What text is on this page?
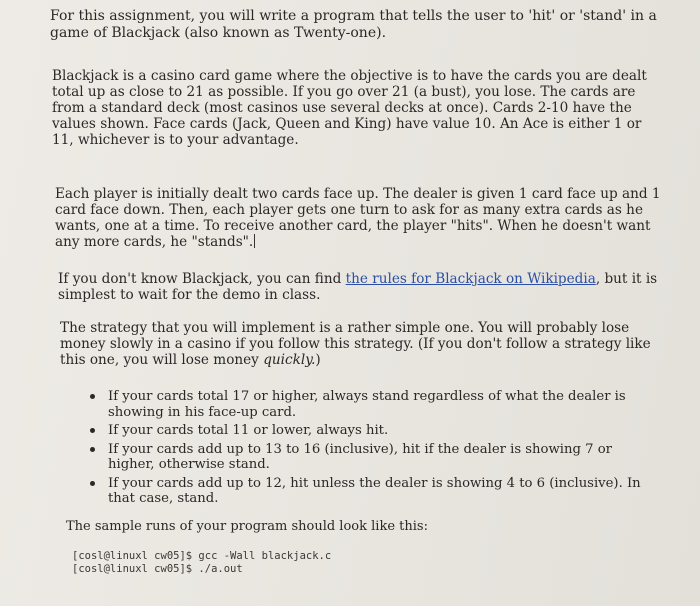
For this assignment, you will write a program that tells the user to 'hit' or 'stand' in a game of Blackjack (also known as Twenty-one).
Blackjack is a casino card game where the objective is to have the cards you are dealt total up as close to 21 as possible. If you go over 21 (a bust), you lose. The cards are from a standard deck (most casinos use several decks at once). Cards 2-10 have the values shown. Face cards (Jack, Queen and King) have value 10. An Ace is either 1 or 11, whichever is to your advantage.
Each player is initially dealt two cards face up. The dealer is given 1 card face up and 1 card face down. Then, each player gets one turn to ask for as many extra cards as he wants, one at a time. To receive another card, the player "hits". When he doesn't want any more cards, he "stands".
If you don't know Blackjack, you can find the rules for Blackjack on Wikipedia, but it is simplest to wait for the demo in class.
The strategy that you will implement is a rather simple one. You will probably lose money slowly in a casino if you follow this strategy. (If you don't follow a strategy like this one, you will lose money quickly.)
If your cards total 17 or higher, always stand regardless of what the dealer is showing in his face-up card.
If your cards total 11 or lower, always hit.
If your cards add up to 13 to 16 (inclusive), hit if the dealer is showing 7 or higher, otherwise stand.
If your cards add up to 12, hit unless the dealer is showing 4 to 6 (inclusive). In that case, stand.
The sample runs of your program should look like this:
[cosl@linuxl cw05]$ gcc -Wall blackjack.c
[cosl@linuxl cw05]$ ./a.out
